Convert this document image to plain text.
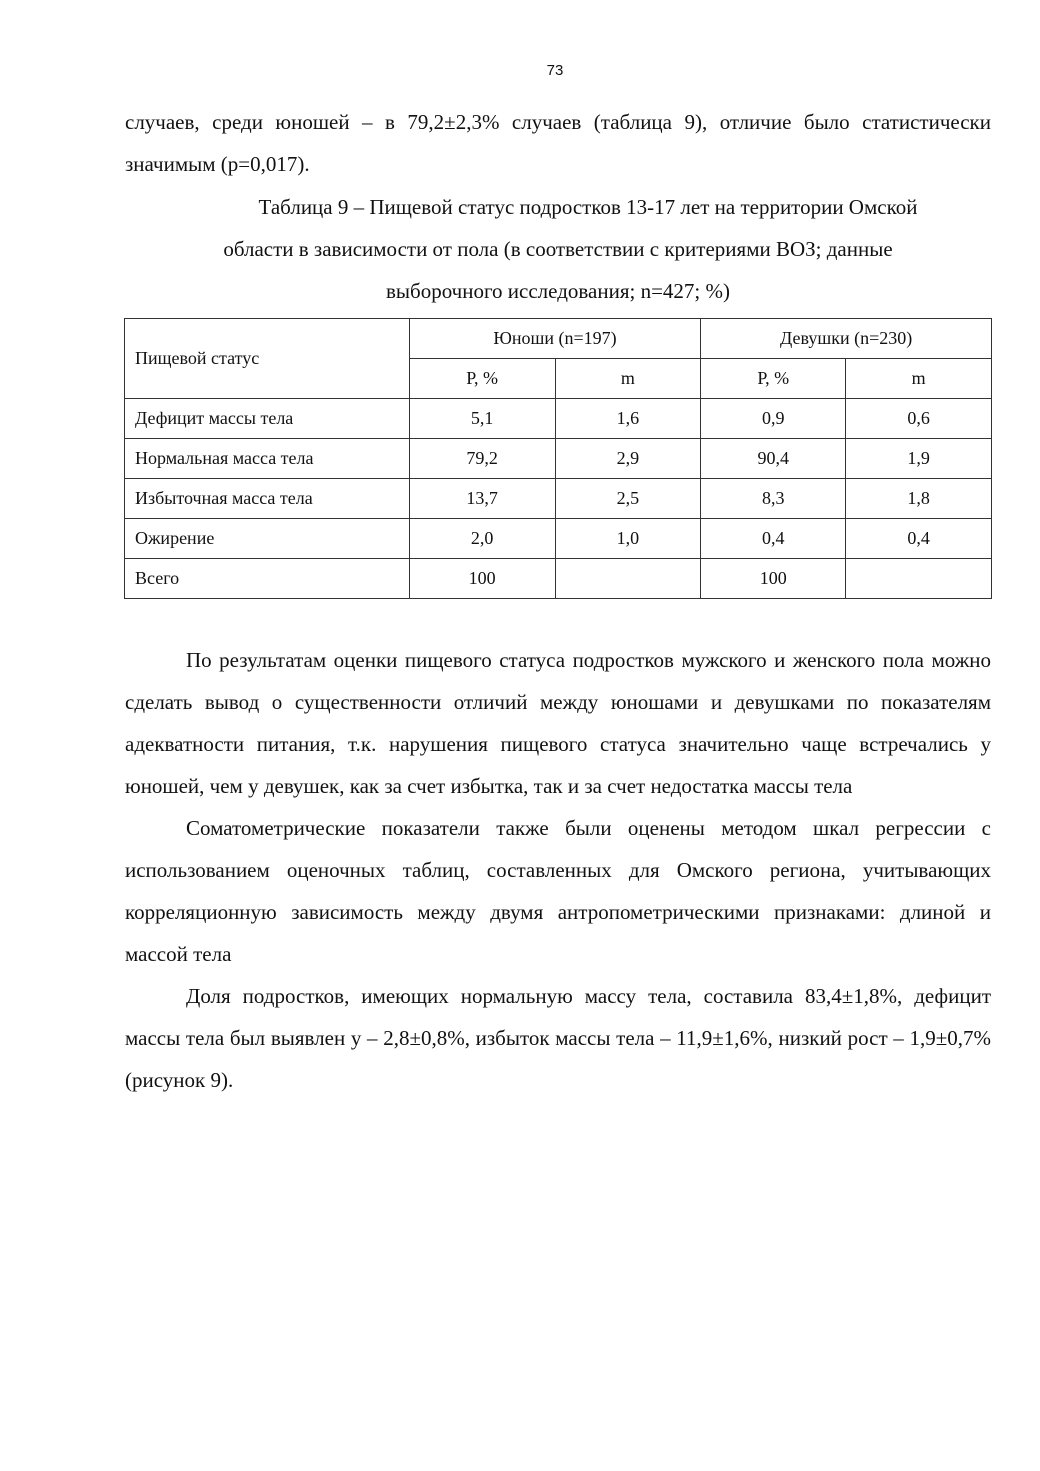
73

случаев, среди юношей – в 79,2±2,3% случаев (таблица 9), отличие было статистически значимым (р=0,017).

Таблица 9 – Пищевой статус подростков 13-17 лет на территории Омской
области в зависимости от пола (в соответствии с критериями ВОЗ; данные
выборочного исследования; n=427; %)
Пищевой статус	Юноши (n=197)		Девушки (n=230)	
	Р, %	m	Р, %	m
Дефицит массы тела	5,1	1,6	0,9	0,6
Нормальная масса тела	79,2	2,9	90,4	1,9
Избыточная масса тела	13,7	2,5	8,3	1,8
Ожирение	2,0	1,0	0,4	0,4
Всего	100		100	

По результатам оценки пищевого статуса подростков мужского и женского пола можно сделать вывод о существенности отличий между юношами и девушками по показателям адекватности питания, т.к. нарушения пищевого статуса значительно чаще встречались у юношей, чем у девушек, как за счет избытка, так и за счет недостатка массы тела

Соматометрические показатели также были оценены методом шкал регрессии с использованием оценочных таблиц, составленных для Омского региона, учитывающих корреляционную зависимость между двумя антропометрическими признаками: длиной и массой тела

Доля подростков, имеющих нормальную массу тела, составила 83,4±1,8%, дефицит массы тела был выявлен у – 2,8±0,8%, избыток массы тела – 11,9±1,6%, низкий рост – 1,9±0,7% (рисунок 9).
